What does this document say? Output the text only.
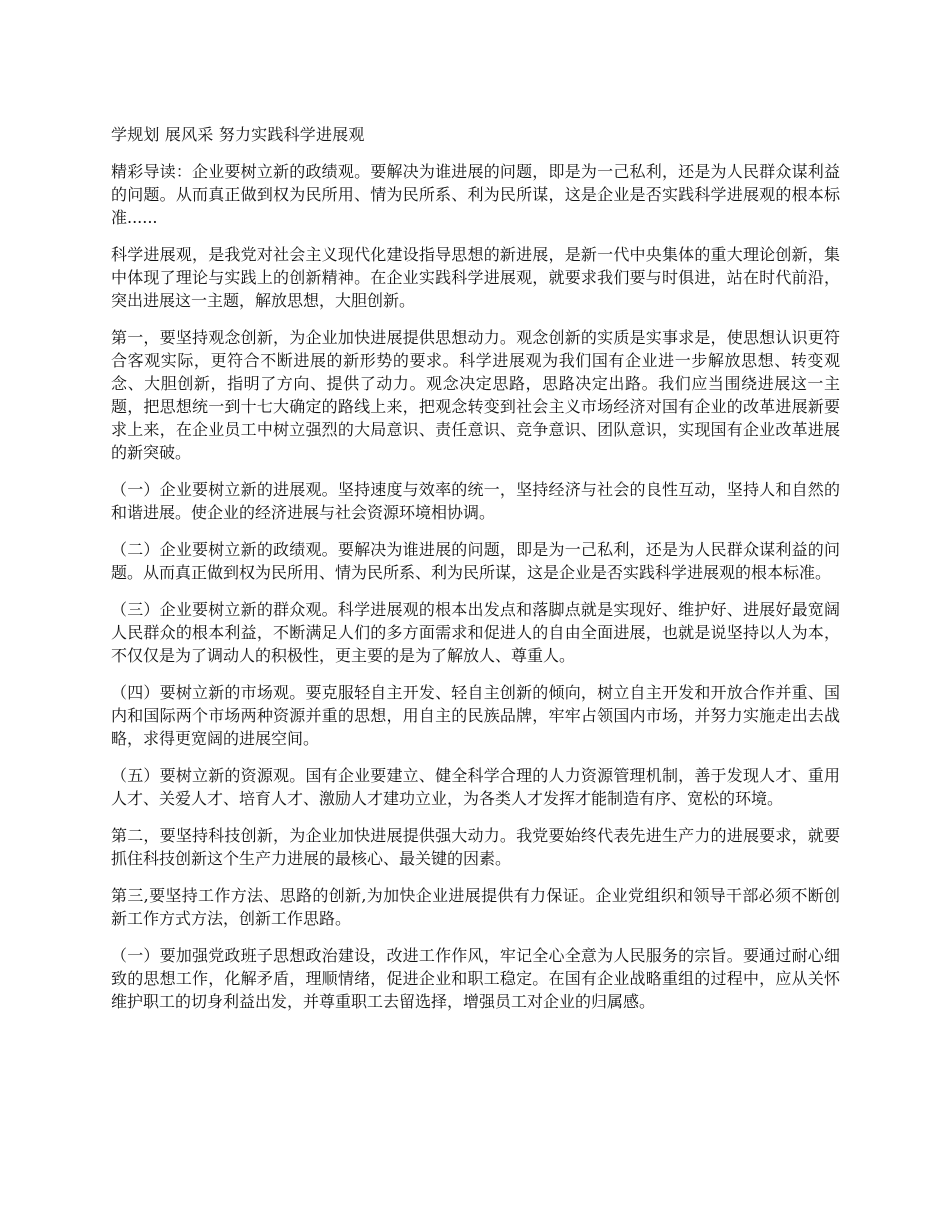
学规划 展风采 努力实践科学进展观

精彩导读：企业要树立新的政绩观。要解决为谁进展的问题，即是为一己私利，还是为人民群众谋利益的问题。从而真正做到权为民所用、情为民所系、利为民所谋，这是企业是否实践科学进展观的根本标准......

科学进展观，是我党对社会主义现代化建设指导思想的新进展，是新一代中央集体的重大理论创新，集中体现了理论与实践上的创新精神。在企业实践科学进展观，就要求我们要与时俱进，站在时代前沿，突出进展这一主题，解放思想，大胆创新。

第一，要坚持观念创新，为企业加快进展提供思想动力。观念创新的实质是实事求是，使思想认识更符合客观实际，更符合不断进展的新形势的要求。科学进展观为我们国有企业进一步解放思想、转变观念、大胆创新，指明了方向、提供了动力。观念决定思路，思路决定出路。我们应当围绕进展这一主题，把思想统一到十七大确定的路线上来，把观念转变到社会主义市场经济对国有企业的改革进展新要求上来，在企业员工中树立强烈的大局意识、责任意识、竞争意识、团队意识，实现国有企业改革进展的新突破。

（一）企业要树立新的进展观。坚持速度与效率的统一，坚持经济与社会的良性互动，坚持人和自然的和谐进展。使企业的经济进展与社会资源环境相协调。

（二）企业要树立新的政绩观。要解决为谁进展的问题，即是为一己私利，还是为人民群众谋利益的问题。从而真正做到权为民所用、情为民所系、利为民所谋，这是企业是否实践科学进展观的根本标准。

（三）企业要树立新的群众观。科学进展观的根本出发点和落脚点就是实现好、维护好、进展好最宽阔人民群众的根本利益，不断满足人们的多方面需求和促进人的自由全面进展，也就是说坚持以人为本，不仅仅是为了调动人的积极性，更主要的是为了解放人、尊重人。

（四）要树立新的市场观。要克服轻自主开发、轻自主创新的倾向，树立自主开发和开放合作并重、国内和国际两个市场两种资源并重的思想，用自主的民族品牌，牢牢占领国内市场，并努力实施走出去战略，求得更宽阔的进展空间。

（五）要树立新的资源观。国有企业要建立、健全科学合理的人力资源管理机制，善于发现人才、重用人才、关爱人才、培育人才、激励人才建功立业，为各类人才发挥才能制造有序、宽松的环境。

第二，要坚持科技创新，为企业加快进展提供强大动力。我党要始终代表先进生产力的进展要求，就要抓住科技创新这个生产力进展的最核心、最关键的因素。

第三,要坚持工作方法、思路的创新,为加快企业进展提供有力保证。企业党组织和领导干部必须不断创新工作方式方法，创新工作思路。

（一）要加强党政班子思想政治建设，改进工作作风，牢记全心全意为人民服务的宗旨。要通过耐心细致的思想工作，化解矛盾，理顺情绪，促进企业和职工稳定。在国有企业战略重组的过程中，应从关怀维护职工的切身利益出发，并尊重职工去留选择，增强员工对企业的归属感。
